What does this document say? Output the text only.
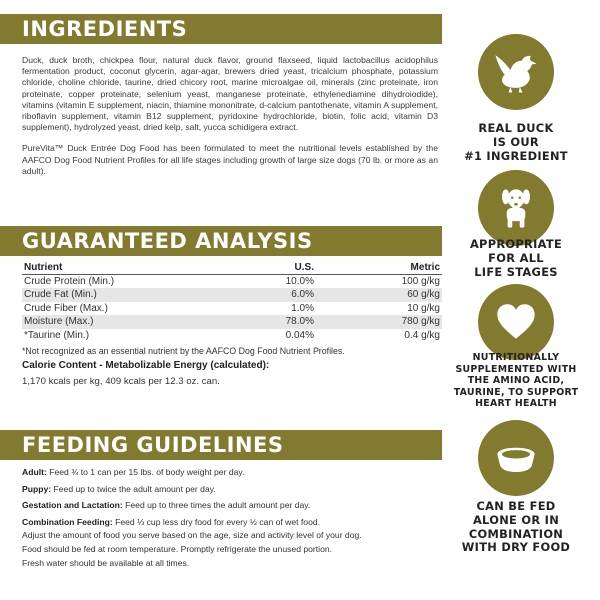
INGREDIENTS

Duck, duck broth, chickpea flour, natural duck flavor, ground flaxseed, liquid lactobacillus acidophilus fermentation product, coconut glycerin, agar-agar, brewers dried yeast, tricalcium phosphate, potassium chloride, choline chloride, taurine, dried chicory root, marine microalgae oil, minerals (zinc proteinate, iron proteinate, copper proteinate, selenium yeast, manganese proteinate, ethylenediamine dihydroiodide), vitamins (vitamin E supplement, niacin, thiamine mononitrate, d-calcium pantothenate, vitamin A supplement, riboflavin supplement, vitamin B12 supplement, pyridoxine hydrochloride, biotin, folic acid, vitamin D3 supplement), hydrolyzed yeast, dried kelp, salt, yucca schidigera extract.

PureVita™ Duck Entrée Dog Food has been formulated to meet the nutritional levels established by the AAFCO Dog Food Nutrient Profiles for all life stages including growth of large size dogs (70 lb. or more as an adult).

GUARANTEED ANALYSIS
Nutrient	U.S.	Metric
Crude Protein (Min.)	10.0%	100 g/kg
Crude Fat (Min.)	6.0%	60 g/kg
Crude Fiber (Max.)	1.0%	10 g/kg
Moisture (Max.)	78.0%	780 g/kg
*Taurine (Min.)	0.04%	0.4 g/kg
*Not recognized as an essential nutrient by the AAFCO Dog Food Nutrient Profiles.
Calorie Content - Metabolizable Energy (calculated):
1,170 kcals per kg, 409 kcals per 12.3 oz. can.
FEEDING GUIDELINES
Adult: Feed ¾ to 1 can per 15 lbs. of body weight per day.
Puppy: Feed up to twice the adult amount per day.
Gestation and Lactation: Feed up to three times the adult amount per day.
Combination Feeding: Feed ⅓ cup less dry food for every ½ can of wet food.
Adjust the amount of food you serve based on the age, size and activity level of your dog.
Food should be fed at room temperature. Promptly refrigerate the unused portion.
Fresh water should be available at all times.
REAL DUCK
IS OUR
#1 INGREDIENT
APPROPRIATE
FOR ALL
LIFE STAGES
NUTRITIONALLY
SUPPLEMENTED WITH
THE AMINO ACID,
TAURINE, TO SUPPORT
HEART HEALTH
CAN BE FED
ALONE OR IN
COMBINATION
WITH DRY FOOD
